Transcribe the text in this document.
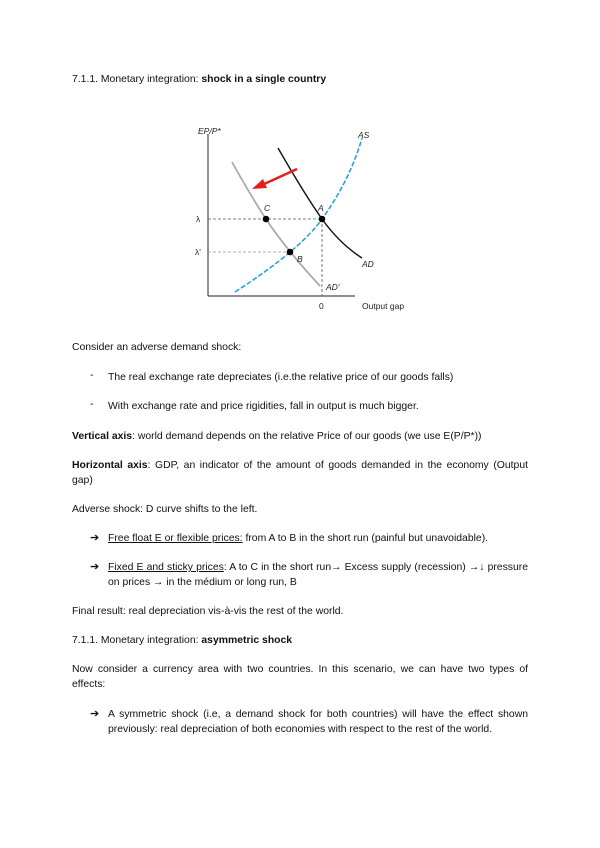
7.1.1. Monetary integration: shock in a single country
EP/P*	AS
A
C
B	AD
AD'
λ
λ'
0	Output gap
Consider an adverse demand shock:
- The real exchange rate depreciates (i.e.the relative price of our goods falls)
- With exchange rate and price rigidities, fall in output is much bigger.
Vertical axis: world demand depends on the relative Price of our goods (we use E(P/P*))
Horizontal axis: GDP, an indicator of the amount of goods demanded in the economy (Output gap)
Adverse shock: D curve shifts to the left.
➔ Free float E or flexible prices: from A to B in the short run (painful but unavoidable).
➔ Fixed E and sticky prices: A to C in the short run→ Excess supply (recession) →↓ pressure on prices → in the médium or long run, B
Final result: real depreciation vis-à-vis the rest of the world.
7.1.1. Monetary integration: asymmetric shock
Now consider a currency area with two countries. In this scenario, we can have two types of effects:
➔ A symmetric shock (i.e, a demand shock for both countries) will have the effect shown previously: real depreciation of both economies with respect to the rest of the world.
